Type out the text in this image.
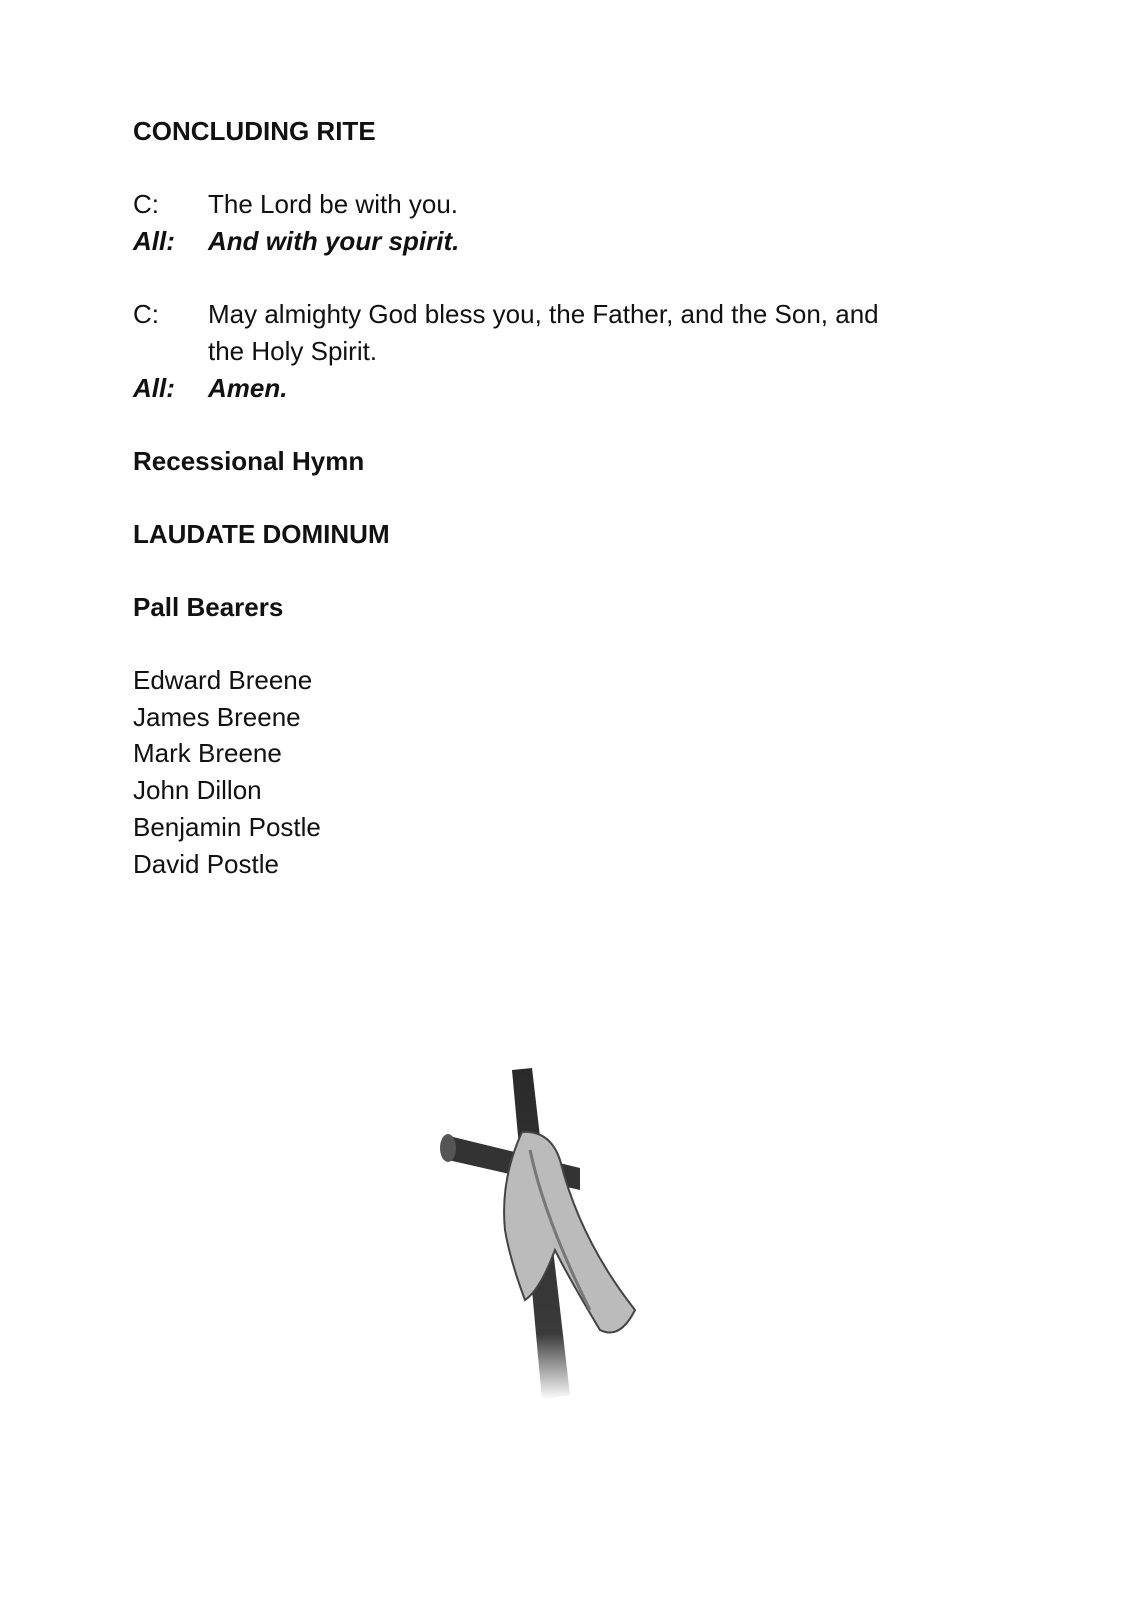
CONCLUDING RITE
C: The Lord be with you.
All: And with your spirit.
C: May almighty God bless you, the Father, and the Son, and
the Holy Spirit.
All: Amen.
Recessional Hymn
LAUDATE DOMINUM
Pall Bearers
Edward Breene
James Breene
Mark Breene
John Dillon
Benjamin Postle
David Postle
